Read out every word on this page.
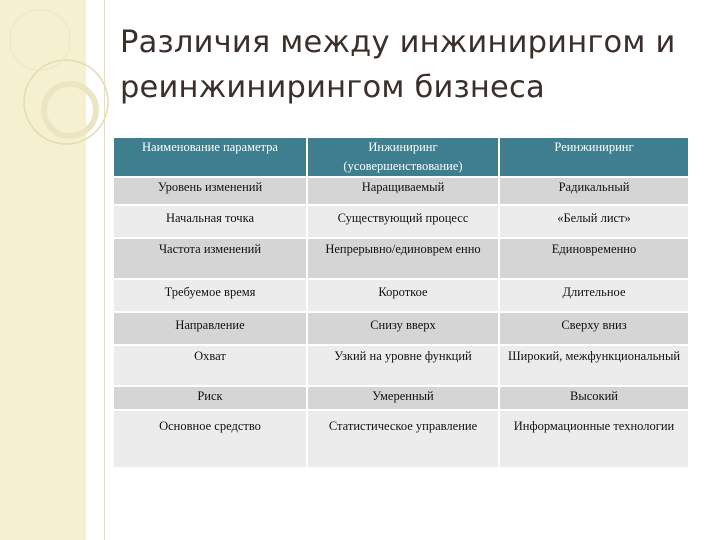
Различия между инжинирингом и реинжинирингом бизнеса
Наименование параметра	Инжиниринг (усовершенствование)	Реинжиниринг
Уровень изменений	Наращиваемый	Радикальный
Начальная точка	Существующий процесс	«Белый лист»
Частота изменений	Непрерывно/единоврем енно	Единовременно
Требуемое время	Короткое	Длительное
Направление	Снизу вверх	Сверху вниз
Охват	Узкий на уровне функций	Широкий, межфункциональный
Риск	Умеренный	Высокий
Основное средство	Статистическое управление	Информационные технологии
